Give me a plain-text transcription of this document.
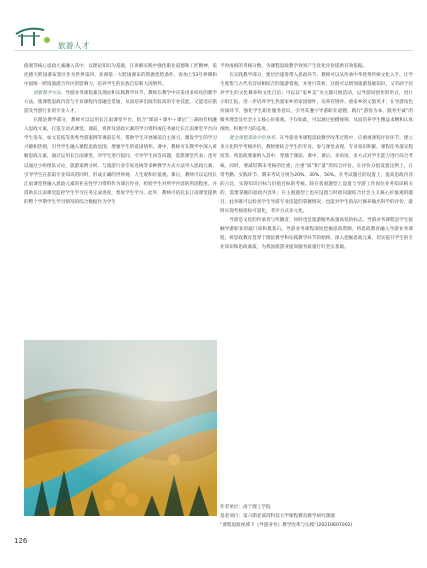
旅游人才

值观等核心思政元素融入其中，以理论知识为基础，在讲解实践中强化职业道德和工匠精神，依托德天跨国瀑布景区作为世界第四、亚洲第一大跨国瀑布的资源优势条件，再加上53号界碑和中国唯一跨境旅游合作区的影响力，培养学生的民族自信和大国情怀。

创新教学方法。导游业务课程兼具理论和实践教学环节，教师在教学中应采用多样化的教学方法，使课程思政内容与专业课程内容融会贯通，从而培养出既有较高的专业技能，又能适应旅游及导游行业的专业人才。

在理论教学部分，教师可以运用长江雨课堂平台，结合“课前＋课中＋课后”三部曲有机融入思政元素，打造互动式课堂。课前，将涉及思政元素的学习资料或任务通过长江雨课堂平台向学生发布，如文花枝等优秀导游案例等课前任务，帮助学生开展课前自主预习，激发学生的学习兴趣和热情，引导学生融入课程思政氛围，增强学生的爱国情怀。课中，教师可在教学中深入讲解思政元素，通过运用长江雨课堂，对学生进行提问，引导学生回答问题，选派课堂代表；也可以通过小组组队讨论、旅游案例分析、与旅游行业专家连线等多种教学方式方法导入思政元素，引导学生在获取专业知识的同时，形成正确的世界观、人生观和价值观。课后，教师可以运用长江雨课堂将融入思政元素的补充性学习资料作为课后作业，检验学生对所学内容的巩固程度，并借助长江雨课堂监控学生学习任务完成进度，督促学生学习。此外，教师可依托长江雨课堂提供的整个学期学生学习情况的综合数据作为学生

平时成绩的考核分数，为课程思政教学效果产生优化评价提供有效依据。

在实践教学部分，要层层递进带入思政环节。教师可以从传承中华优秀传统文化入手，让学生收集与古代名诗词相结合的旅游景观，并进行赏析，这既可以增加旅游基础知识，又有助于培养学生的文化修养和文化自信；可以以“家乡美”为主题开展活动，以导游词创作的形式，进行小组汇报，进一步培养学生热爱家乡的家国情怀，培养有情怀、重家乡的文旅英才；在导游角色扮演环节，强化学生职业服务意识，引导其遵守导游职业道德，践行“游客为本，服务至诚”的服务理念及社会主义核心价值观。不仅如此，可以通过拍摄视频，从而培养学生精益求精和认真细致、积极学习的态度。

健全课程思政评价体系。在导游业务课程思政教学改革过程中，应重视课程评价环节，建立多元化科学考核评价，教师要结合学生的专业、参与课堂表现、专业知识积累，课程任务落实程度等，将思政要素纳入其中，穿插于课前、课中、课后、多角度、多方式对学生能力进行综合考核，同时，要减轻期末考核的比重，注重“质”和“量”的综合评价。在评价分值设置比例上，日常考勤、实践环节、期末考试分别为20%、30%、50%。在考试题目的设置上，提高思政内容的占比，实现知识目标与价值目标的考核。除在客观题型上设置与导游工作岗位业务知识相关的，需要掌握的思政内容外；在主观题型上也应设置与时政问题结合社会主义核心价值观的题目，此举既可以检查学生导游专业技能的掌握情况，也能对学生的品行修养做出科学的评价，最终实现考核指标可量化，考评方式多元化。

导游是文化的传承者与传播者，同时也是旅游服务质量高低的标志。导游业务课程是学生接触导游职业的敲门砖和奠基石。导游业务课程深度挖掘思政资源，将思政教育融入导游业务课程，将思政教育贯穿于理论教学和实践教学环节的始终，深入挖掘思政元素，切实提升学生的专业知识和思政素质，为我国旅游业提高服务质量打好坚实基础。

作者单位：南宁理工学院
基金项目：第六期北部湾科技大学课程教育教学研究课题
“课程思政视域下《导游业务》教学改革与实践”(20210607002)
126
